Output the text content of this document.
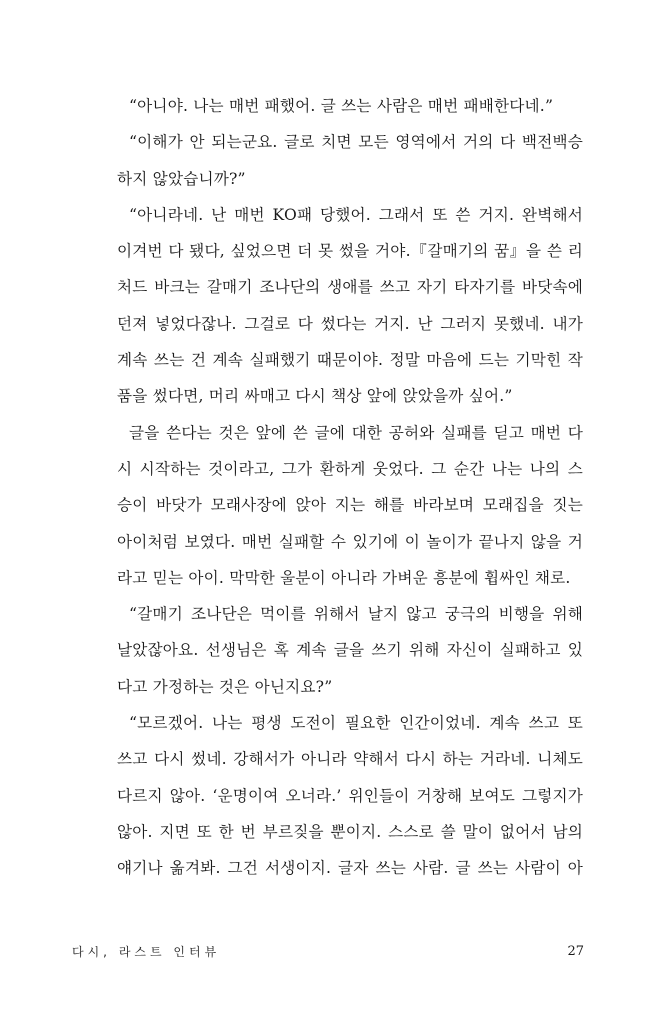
“아니야. 나는 매번 패했어. 글 쓰는 사람은 매번 패배한다네.”
“이해가 안 되는군요. 글로 치면 모든 영역에서 거의 다 백전백승
하지 않았습니까?”
“아니라네. 난 매번 KO패 당했어. 그래서 또 쓴 거지. 완벽해서
이겨번 다 됐다, 싶었으면 더 못 썼을 거야.『갈매기의 꿈』을 쓴 리
처드 바크는 갈매기 조나단의 생애를 쓰고 자기 타자기를 바닷속에
던져 넣었다잖나. 그걸로 다 썼다는 거지. 난 그러지 못했네. 내가
계속 쓰는 건 계속 실패했기 때문이야. 정말 마음에 드는 기막힌 작
품을 썼다면, 머리 싸매고 다시 책상 앞에 앉았을까 싶어.”
글을 쓴다는 것은 앞에 쓴 글에 대한 공허와 실패를 딛고 매번 다
시 시작하는 것이라고, 그가 환하게 웃었다. 그 순간 나는 나의 스
승이 바닷가 모래사장에 앉아 지는 해를 바라보며 모래집을 짓는
아이처럼 보였다. 매번 실패할 수 있기에 이 놀이가 끝나지 않을 거
라고 믿는 아이. 막막한 울분이 아니라 가벼운 흥분에 휩싸인 채로.
“갈매기 조나단은 먹이를 위해서 날지 않고 궁극의 비행을 위해
날았잖아요. 선생님은 혹 계속 글을 쓰기 위해 자신이 실패하고 있
다고 가정하는 것은 아닌지요?”
“모르겠어. 나는 평생 도전이 필요한 인간이었네. 계속 쓰고 또
쓰고 다시 썼네. 강해서가 아니라 약해서 다시 하는 거라네. 니체도
다르지 않아. ‘운명이여 오너라.’ 위인들이 거창해 보여도 그렇지가
않아. 지면 또 한 번 부르짖을 뿐이지. 스스로 쓸 말이 없어서 남의
얘기나 옮겨봐. 그건 서생이지. 글자 쓰는 사람. 글 쓰는 사람이 아
다시, 라스트 인터뷰	27
